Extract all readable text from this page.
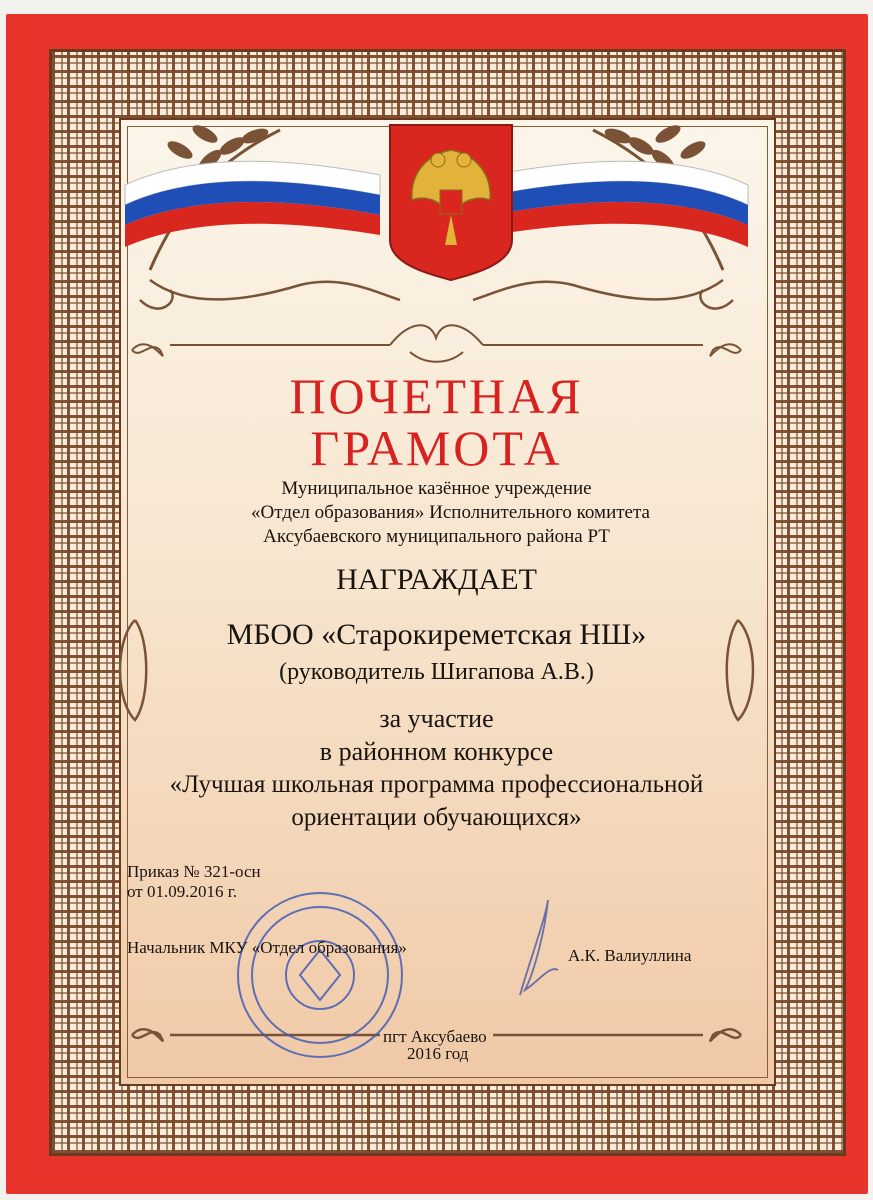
ПОЧЕТНАЯ
ГРАМОТА
Муниципальное казённое учреждение
«Отдел образования» Исполнительного комитета
Аксубаевского муниципального района РТ
НАГРАЖДАЕТ
МБОО «Старокиреметская НШ»
(руководитель Шигапова А.В.)
за участие
в районном конкурсе
«Лучшая школьная программа профессиональной
ориентации обучающихся»
Приказ № 321-осн
от 01.09.2016 г.
Начальник МКУ «Отдел образования»	А.К. Валиуллина
пгт Аксубаево
2016 год
